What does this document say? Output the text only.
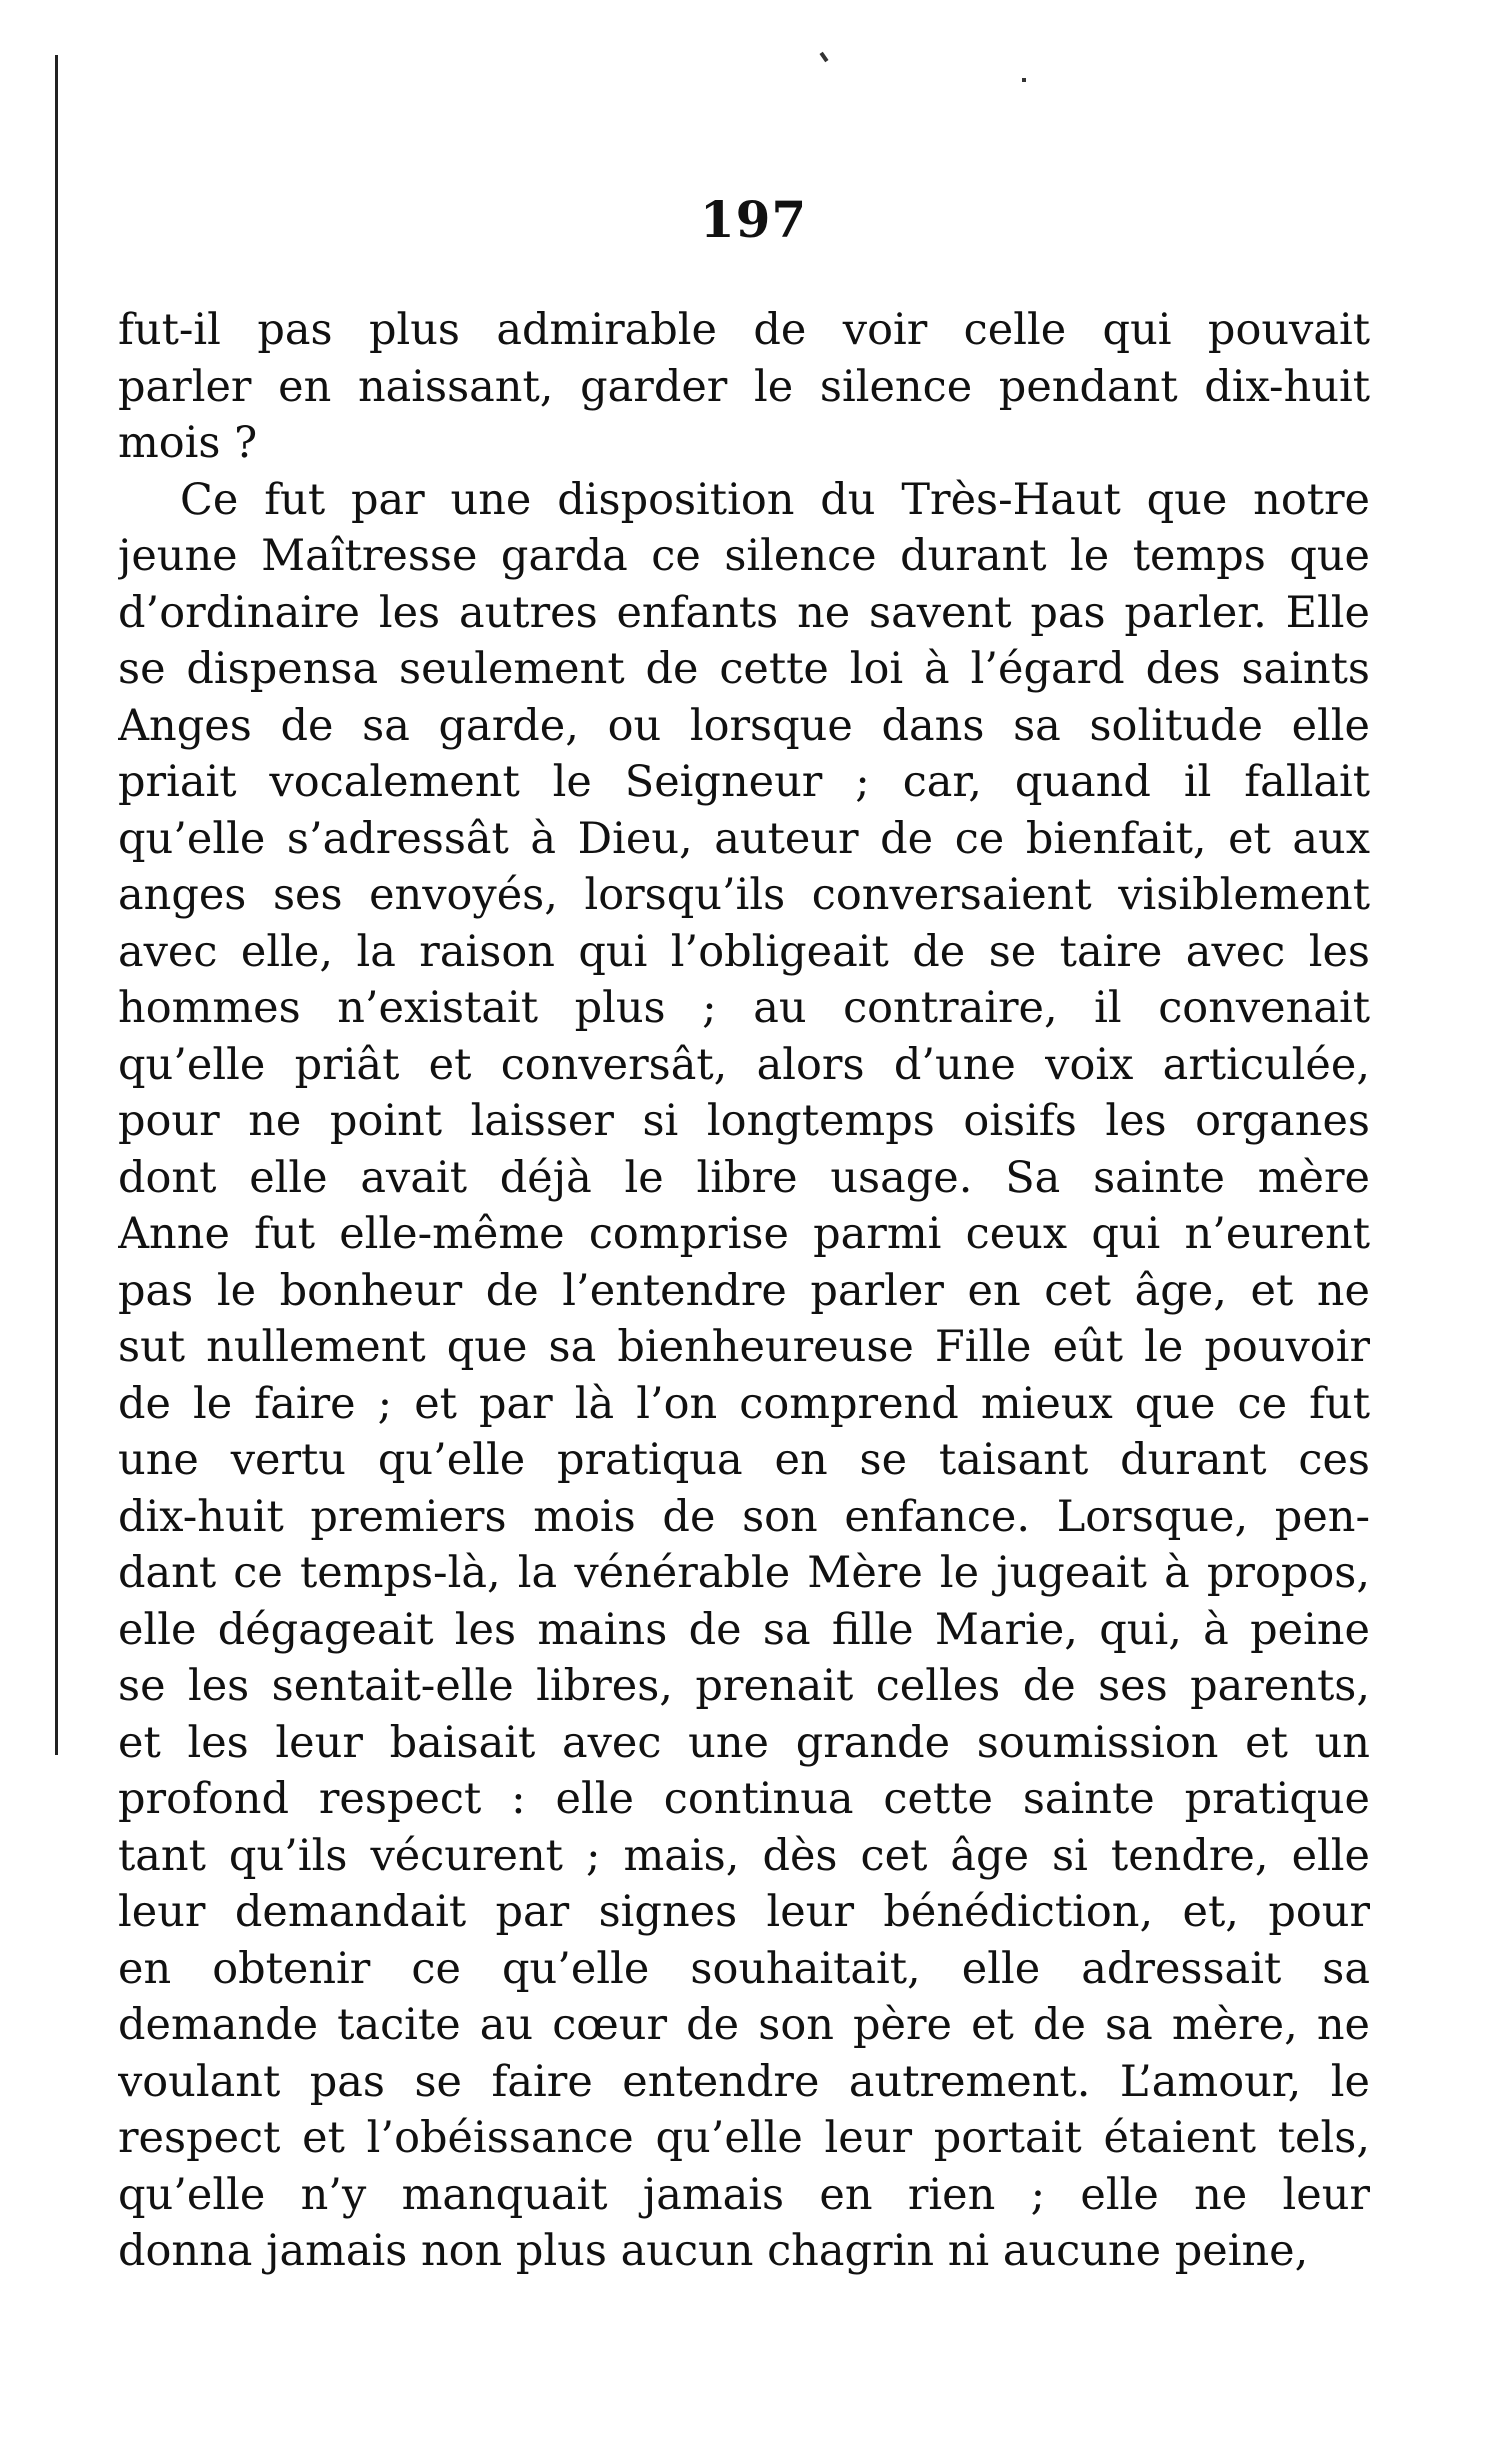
197
fut-il pas plus admirable de voir celle qui pouvait
parler en naissant, garder le silence pendant dix-huit
mois ?
Ce fut par une disposition du Très-Haut que notre
jeune Maîtresse garda ce silence durant le temps que
d’ordinaire les autres enfants ne savent pas parler. Elle
se dispensa seulement de cette loi à l’égard des saints
Anges de sa garde, ou lorsque dans sa solitude elle
priait vocalement le Seigneur ; car, quand il fallait
qu’elle s’adressât à Dieu, auteur de ce bienfait, et aux
anges ses envoyés, lorsqu’ils conversaient visiblement
avec elle, la raison qui l’obligeait de se taire avec les
hommes n’existait plus ; au contraire, il convenait
qu’elle priât et conversât, alors d’une voix articulée,
pour ne point laisser si longtemps oisifs les organes
dont elle avait déjà le libre usage. Sa sainte mère
Anne fut elle-même comprise parmi ceux qui n’eurent
pas le bonheur de l’entendre parler en cet âge, et ne
sut nullement que sa bienheureuse Fille eût le pouvoir
de le faire ; et par là l’on comprend mieux que ce fut
une vertu qu’elle pratiqua en se taisant durant ces
dix-huit premiers mois de son enfance. Lorsque, pen-
dant ce temps-là, la vénérable Mère le jugeait à propos,
elle dégageait les mains de sa fille Marie, qui, à peine
se les sentait-elle libres, prenait celles de ses parents,
et les leur baisait avec une grande soumission et un
profond respect : elle continua cette sainte pratique
tant qu’ils vécurent ; mais, dès cet âge si tendre, elle
leur demandait par signes leur bénédiction, et, pour
en obtenir ce qu’elle souhaitait, elle adressait sa
demande tacite au cœur de son père et de sa mère, ne
voulant pas se faire entendre autrement. L’amour, le
respect et l’obéissance qu’elle leur portait étaient tels,
qu’elle n’y manquait jamais en rien ; elle ne leur
donna jamais non plus aucun chagrin ni aucune peine,
